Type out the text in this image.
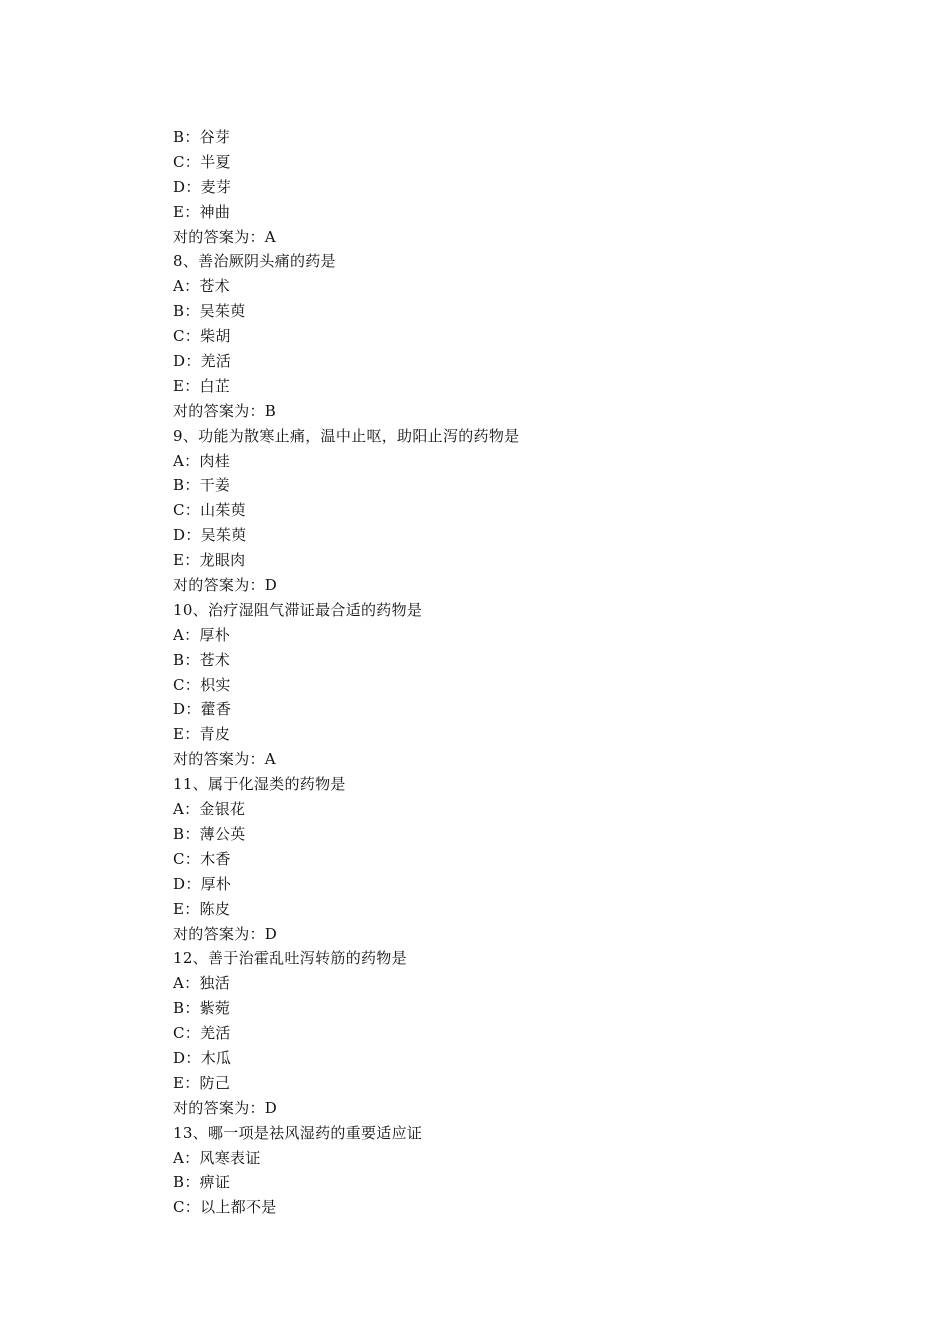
B：谷芽
C：半夏
D：麦芽
E：神曲
对的答案为：A
8、善治厥阴头痛的药是
A：苍术
B：吴茱萸
C：柴胡
D：羌活
E：白芷
对的答案为：B
9、功能为散寒止痛，温中止呕，助阳止泻的药物是
A：肉桂
B：干姜
C：山茱萸
D：吴茱萸
E：龙眼肉
对的答案为：D
10、治疗湿阻气滞证最合适的药物是
A：厚朴
B：苍术
C：枳实
D：藿香
E：青皮
对的答案为：A
11、属于化湿类的药物是
A：金银花
B：薄公英
C：木香
D：厚朴
E：陈皮
对的答案为：D
12、善于治霍乱吐泻转筋的药物是
A：独活
B：紫菀
C：羌活
D：木瓜
E：防己
对的答案为：D
13、哪一项是祛风湿药的重要适应证
A：风寒表证
B：痹证
C：以上都不是
